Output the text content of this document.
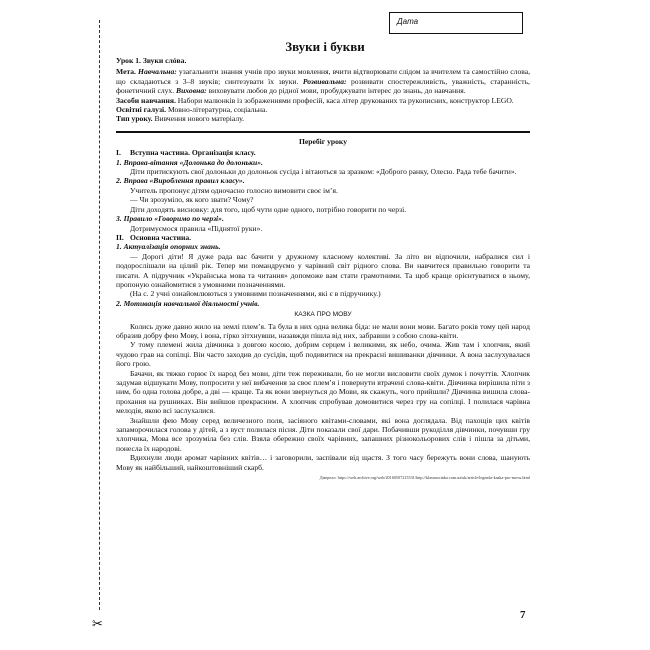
✂
Дата
Звуки і букви

Урок 1. Звуки слóва.

Мета. Навчальна: узагальнити знання учнів про звуки мовлення, вчити відтворювати слідом за вчителем та самостійно слова, що складаються з 3–8 звуків; синтезувати їх звуки. Розвивальна: розвивати спостережливість, уважність, старанність, фонетичний слух. Виховна: виховувати любов до рідної мови, пробуджувати інтерес до знань, до навчання.

Засоби навчання. Набори малюнків із зображеннями професій, каса літер друкованих та рукописних, конструктор LEGO.

Освітні галузі. Мовно-літературна, соціальна.

Тип уроку. Вивчення нового матеріалу.

Перебіг уроку

І.	Вступна частина. Організація класу.

1. Вправа-вітання «Долонька до долоньки».

Діти притискують свої долоньки до долоньок сусіда і вітаються за зразком: «Доброго ранку, Олесю. Рада тебе бачити».

2. Вправа «Вироблення правил класу».

Учитель пропонує дітям одночасно голосно вимовити своє ім’я.

— Чи зрозуміло, як кого звати? Чому?

Діти доходять висновку: для того, щоб чути одне одного, потрібно говорити по черзі.

3. Правило «Говоримо по черзі».

Дотримуємося правила «Піднятої руки».

ІІ. Основна частина.

1. Актуалізація опорних знань.

— Дорогі діти! Я дуже рада вас бачити у дружному класному колективі. За літо ви відпочили, набралися сил і подорослішали на цілий рік. Тепер ми помандруємо у чарівний світ рідного слова. Ви навчитеся правильно говорити та писати. А підручник «Українська мова та читання» допоможе вам стати грамотними. Та щоб краще орієнтуватися в ньому, пропоную ознайомитися з умовними позначеннями.

(На с. 2 учні ознайомлюються з умовними позначеннями, які є в підручнику.)

2. Мотивація навчальної діяльності учнів.

КАЗКА ПРО МОВУ

Колись дуже давно жило на землі плем’я. Та була в них одна велика біда: не мали вони мови. Багато років тому цей народ образив добру фею Мову, і вона, гірко зітхнувши, назавжди пішла від них, забравши з собою слова-квіти.

У тому племені жила дівчинка з довгою косою, добрим серцем і великими, як небо, очима. Жив там і хлопчик, який чудово грав на сопілці. Він часто заходив до сусідів, щоб подивитися на прекрасні вишиванки дівчинки. А вона заслухувалася його грою.

Бачачи, як тяжко горює їх народ без мови, діти теж переживали, бо не могли висловити своїх думок і почуттів. Хлопчик задумав відшукати Мову, попросити у неї вибачення за своє плем’я і повернути втрачені слова-квіти. Дівчинка вирішила піти з ним, бо одна голова добре, а дві — краще. Та як вони звернуться до Мови, як скажуть, чого прийшли? Дівчинка вишила слова-прохання на рушниках. Він вийшов прекрасним. А хлопчик спробував домовитися через гру на сопілці. І полилася чарівна мелодія, якою всі заслухалися.

Знайшли фею Мову серед величезного поля, засіяного квітами-словами, які вона доглядала. Від пахощів цих квітів запаморочилася голова у дітей, а з вуст полилася пісня. Діти показали свої дари. Побачивши рукоділля дівчинки, почувши гру хлопчика, Мова все зрозуміла без слів. Взяла обережно своїх чарівних, запашних різнокольорових слів і пішла за дітьми, понесла їх народові.

Вдихнули люди аромат чарівних квітів… і заговорили, заспівали від щастя. З того часу бережуть вони слова, шанують Мову як найбільший, найкоштовніший скарб.

Джерело: https://web.archive.org/web/20160507215531/http://klasnaocinka.com.ua/uk/article/legenda-kazka-pro-movu.html

7
